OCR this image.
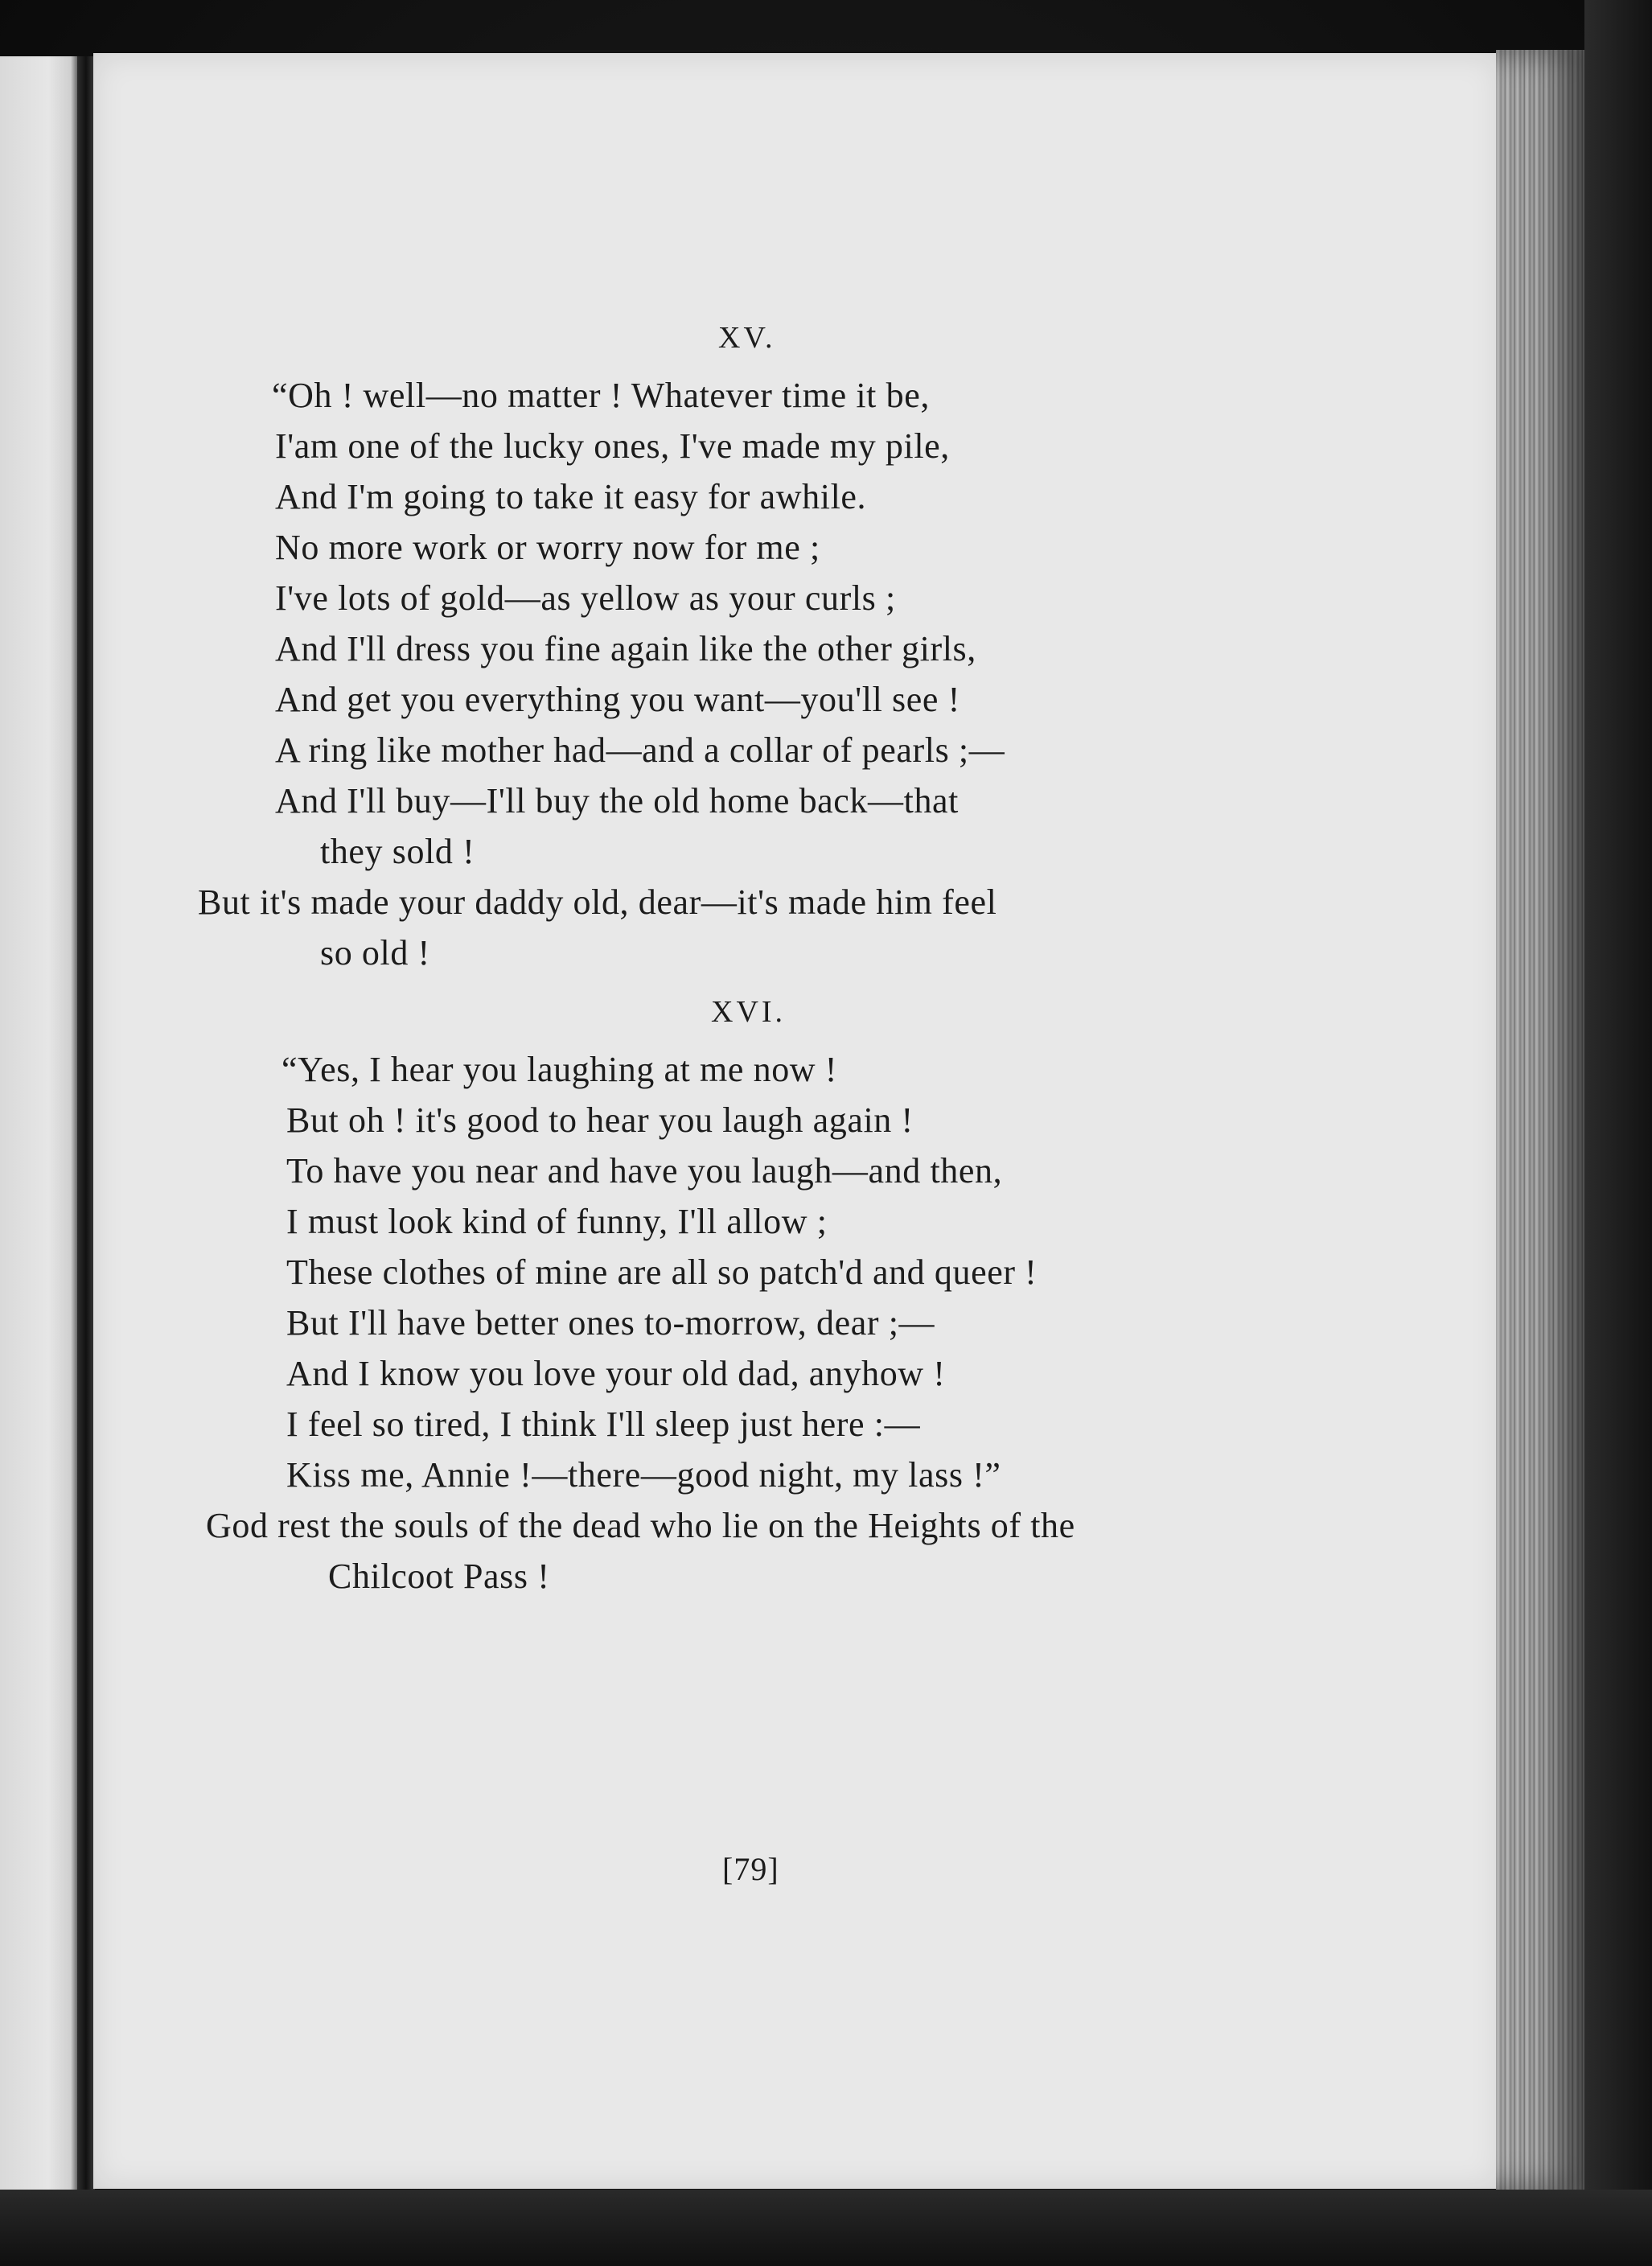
XV.
“Oh ! well—no matter ! Whatever time it be,
I'am one of the lucky ones, I've made my pile,
And I'm going to take it easy for awhile.
No more work or worry now for me ;
I've lots of gold—as yellow as your curls ;
And I'll dress you fine again like the other girls,
And get you everything you want—you'll see !
A ring like mother had—and a collar of pearls ;—
And I'll buy—I'll buy the old home back—that
they sold !
But it's made your daddy old, dear—it's made him feel
so old !
XVI.
“Yes, I hear you laughing at me now !
But oh ! it's good to hear you laugh again !
To have you near and have you laugh—and then,
I must look kind of funny, I'll allow ;
These clothes of mine are all so patch'd and queer !
But I'll have better ones to-morrow, dear ;—
And I know you love your old dad, anyhow !
I feel so tired, I think I'll sleep just here :—
Kiss me, Annie !—there—good night, my lass !”
God rest the souls of the dead who lie on the Heights of the
Chilcoot Pass !
[79]
